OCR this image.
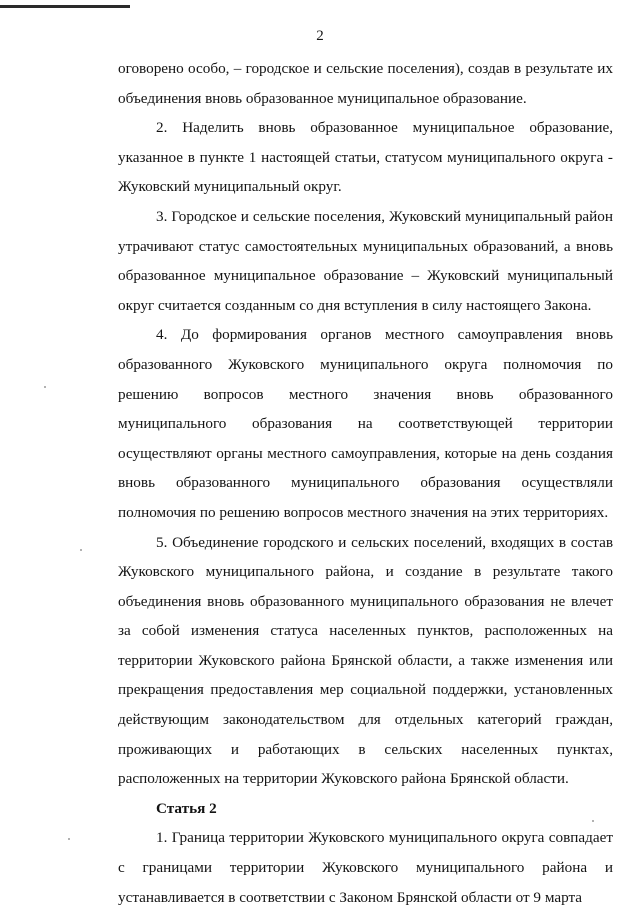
2

оговорено особо, – городское и сельские поселения), создав в результате их объединения вновь образованное муниципальное образование.

2. Наделить вновь образованное муниципальное образование, указанное в пункте 1 настоящей статьи, статусом муниципального округа - Жуковский муниципальный округ.

3. Городское и сельские поселения, Жуковский муниципальный район утрачивают статус самостоятельных муниципальных образований, а вновь образованное муниципальное образование – Жуковский муниципальный округ считается созданным со дня вступления в силу настоящего Закона.

4. До формирования органов местного самоуправления вновь образованного Жуковского муниципального округа полномочия по решению вопросов местного значения вновь образованного муниципального образования на соответствующей территории осуществляют органы местного самоуправления, которые на день создания вновь образованного муниципального образования осуществляли полномочия по решению вопросов местного значения на этих территориях.

5. Объединение городского и сельских поселений, входящих в состав Жуковского муниципального района, и создание в результате такого объединения вновь образованного муниципального образования не влечет за собой изменения статуса населенных пунктов, расположенных на территории Жуковского района Брянской области, а также изменения или прекращения предоставления мер социальной поддержки, установленных действующим законодательством для отдельных категорий граждан, проживающих и работающих в сельских населенных пунктах, расположенных на территории Жуковского района Брянской области.

Статья 2

1. Граница территории Жуковского муниципального округа совпадает с границами территории Жуковского муниципального района и устанавливается в соответствии с Законом Брянской области от 9 марта
